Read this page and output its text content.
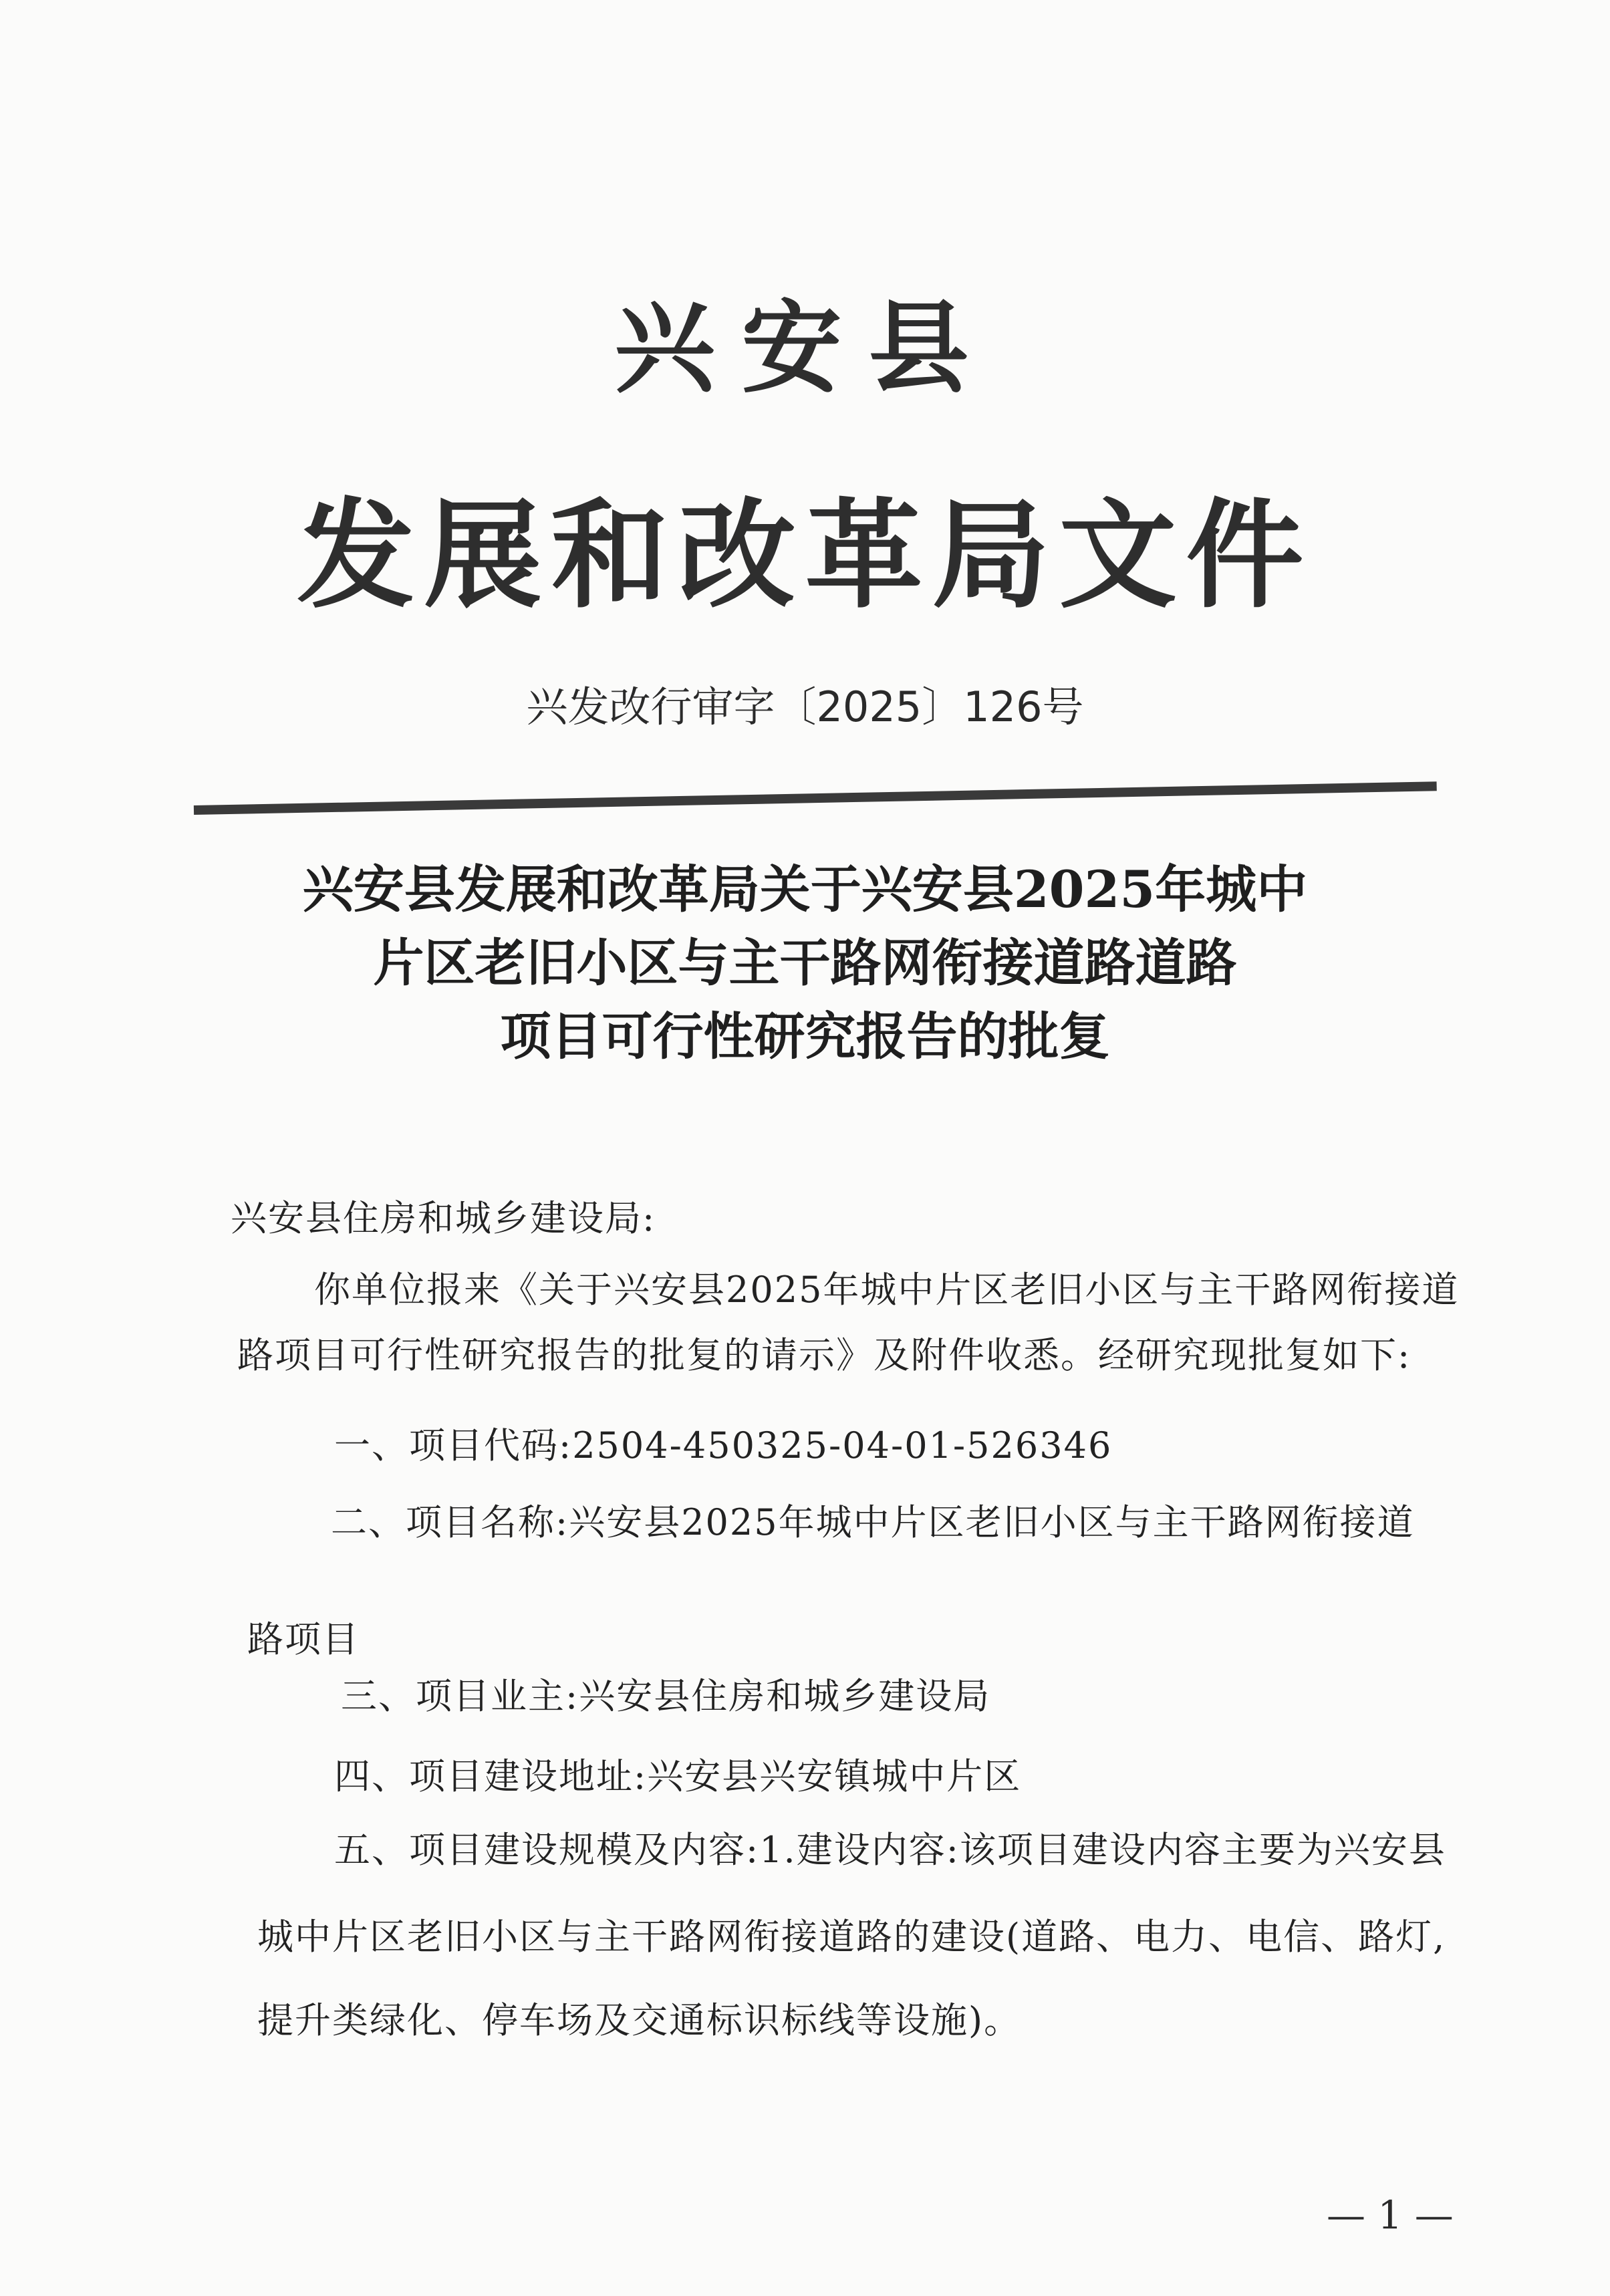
兴安县
发展和改革局文件
兴发改行审字〔2025〕126号
兴安县发展和改革局关于兴安县2025年城中
片区老旧小区与主干路网衔接道路道路
项目可行性研究报告的批复
兴安县住房和城乡建设局:
你单位报来《关于兴安县2025年城中片区老旧小区与主干路网衔接道
路项目可行性研究报告的批复的请示》及附件收悉。经研究现批复如下:
一、项目代码:2504-450325-04-01-526346
二、项目名称:兴安县2025年城中片区老旧小区与主干路网衔接道
路项目
三、项目业主:兴安县住房和城乡建设局
四、项目建设地址:兴安县兴安镇城中片区
五、项目建设规模及内容:1.建设内容:该项目建设内容主要为兴安县
城中片区老旧小区与主干路网衔接道路的建设(道路、电力、电信、路灯,
提升类绿化、停车场及交通标识标线等设施)。
— 1 —
